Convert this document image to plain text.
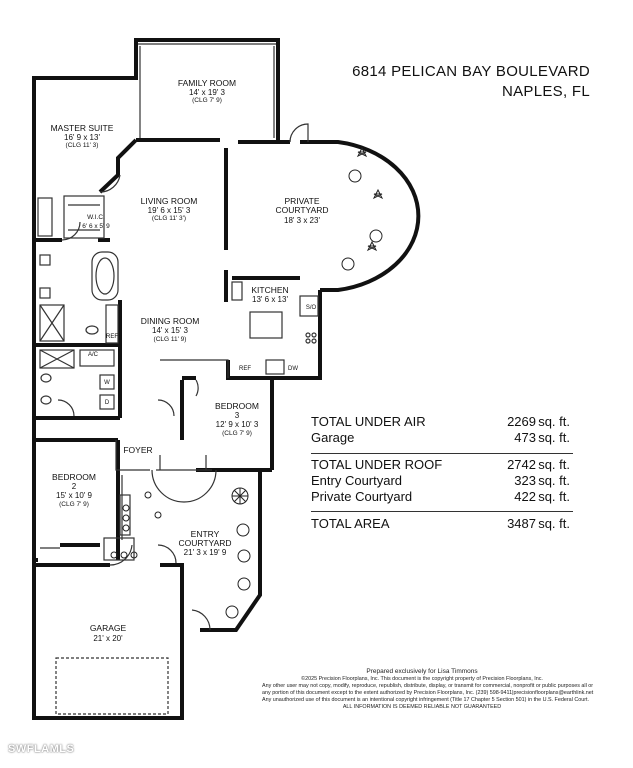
FAMILY ROOM
14' x 19' 3
(CLG 7' 9)
MASTER SUITE
16' 9 x 13'
(CLG 11' 3)
LIVING ROOM
19' 6 x 15' 3
(CLG 11' 3')
PRIVATE
COURTYARD
18' 3 x 23'
W.I.C.
6' 6 x 5' 9
KITCHEN
13' 6 x 13'
DINING ROOM
14' x 15' 3
(CLG 11' 9)
BEDROOM
3
12' 9 x 10' 3
(CLG 7' 9)
FOYER
BEDROOM
2
15' x 10' 9
(CLG 7' 9)
ENTRY
COURTYARD
21' 3 x 19' 9
GARAGE
21' x 20'
REF	DW
S/O
A/C
REF
W
D
6814 PELICAN BAY BOULEVARD
NAPLES, FL
TOTAL UNDER AIR	2269 sq. ft.
Garage	473 sq. ft.
TOTAL UNDER ROOF	2742 sq. ft.
Entry Courtyard	323 sq. ft.
Private Courtyard	422 sq. ft.
TOTAL AREA	3487 sq. ft.
Prepared exclusively for Lisa Timmons
©2025 Precision Floorplans, Inc. This document is the copyright property of Precision Floorplans, Inc.
Any other user may not copy, modify, reproduce, republish, distribute, display, or transmit for commercial, nonprofit or public purposes all or
any portion of this document except to the extent authorized by Precision Floorplans, Inc. (239) 598-9411|precisionfloorplans@earthlink.net
Any unauthorized use of this document is an intentional copyright infringement (Title 17 Chapter 5 Section 501) in the U.S. Federal Court.
ALL INFORMATION IS DEEMED RELIABLE NOT GUARANTEED
SWFLAMLS
